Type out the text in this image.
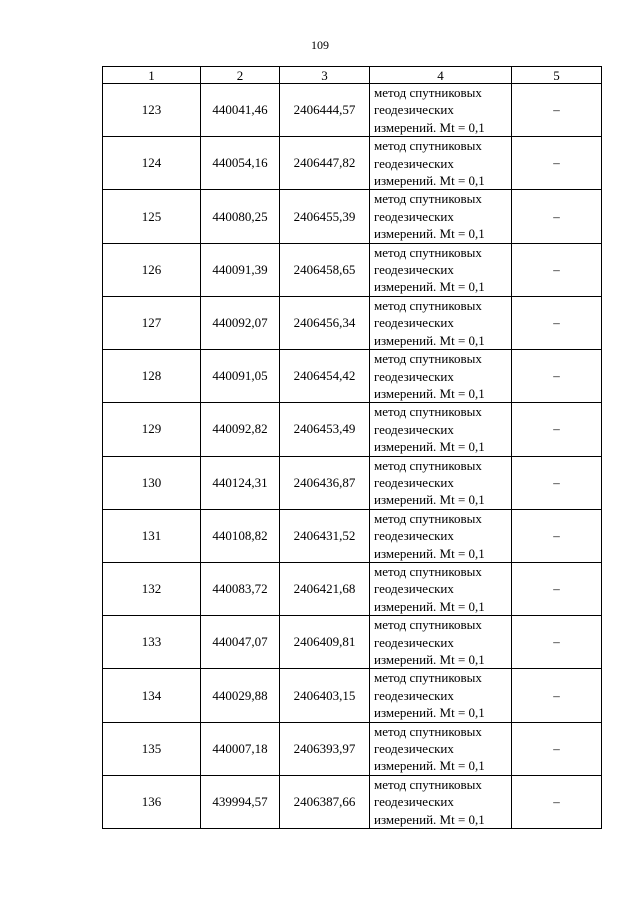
109
1	2	3	4	5
123	440041,46	2406444,57	метод спутниковых
геодезических
измерений. Mt = 0,1	–
124	440054,16	2406447,82	метод спутниковых
геодезических
измерений. Mt = 0,1	–
125	440080,25	2406455,39	метод спутниковых
геодезических
измерений. Mt = 0,1	–
126	440091,39	2406458,65	метод спутниковых
геодезических
измерений. Mt = 0,1	–
127	440092,07	2406456,34	метод спутниковых
геодезических
измерений. Mt = 0,1	–
128	440091,05	2406454,42	метод спутниковых
геодезических
измерений. Mt = 0,1	–
129	440092,82	2406453,49	метод спутниковых
геодезических
измерений. Mt = 0,1	–
130	440124,31	2406436,87	метод спутниковых
геодезических
измерений. Mt = 0,1	–
131	440108,82	2406431,52	метод спутниковых
геодезических
измерений. Mt = 0,1	–
132	440083,72	2406421,68	метод спутниковых
геодезических
измерений. Mt = 0,1	–
133	440047,07	2406409,81	метод спутниковых
геодезических
измерений. Mt = 0,1	–
134	440029,88	2406403,15	метод спутниковых
геодезических
измерений. Mt = 0,1	–
135	440007,18	2406393,97	метод спутниковых
геодезических
измерений. Mt = 0,1	–
136	439994,57	2406387,66	метод спутниковых
геодезических
измерений. Mt = 0,1	–
